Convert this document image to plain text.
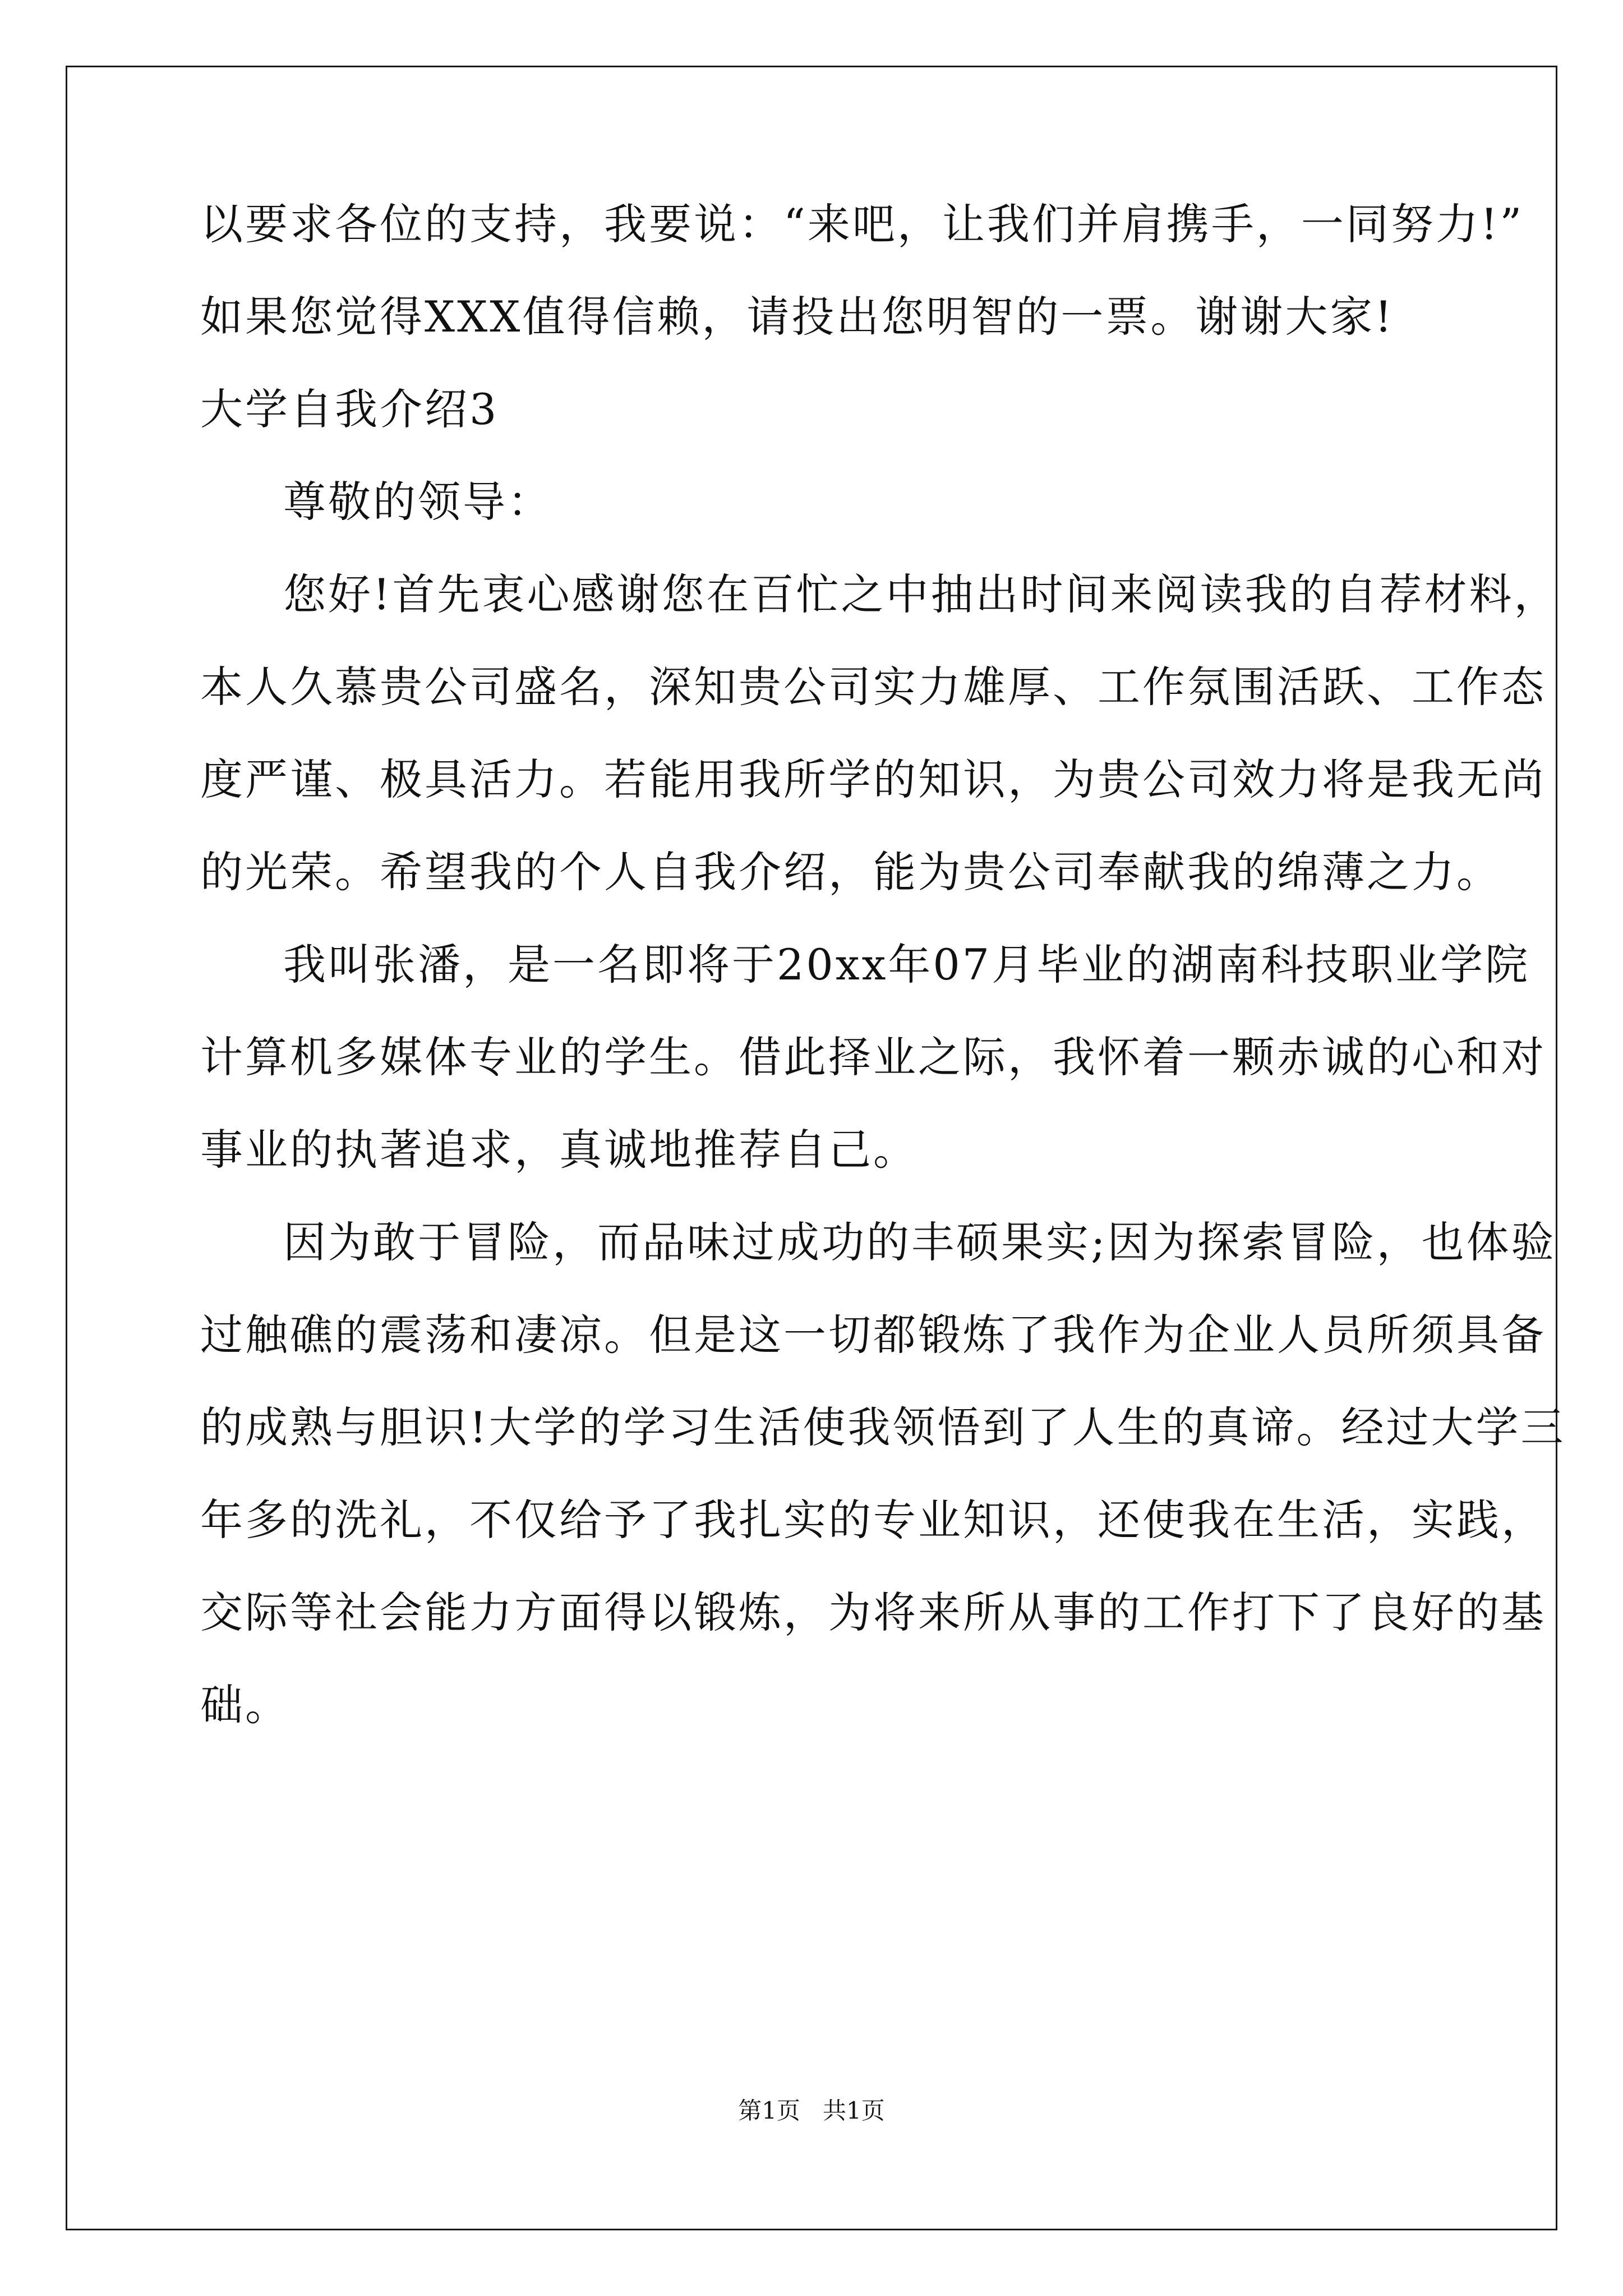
以要求各位的支持，我要说：“来吧，让我们并肩携手，一同努力!”
如果您觉得XXX值得信赖，请投出您明智的一票。谢谢大家!
大学自我介绍3
尊敬的领导：
您好!首先衷心感谢您在百忙之中抽出时间来阅读我的自荐材料，
本人久慕贵公司盛名，深知贵公司实力雄厚、工作氛围活跃、工作态
度严谨、极具活力。若能用我所学的知识，为贵公司效力将是我无尚
的光荣。希望我的个人自我介绍，能为贵公司奉献我的绵薄之力。
我叫张潘，是一名即将于20xx年07月毕业的湖南科技职业学院
计算机多媒体专业的学生。借此择业之际，我怀着一颗赤诚的心和对
事业的执著追求，真诚地推荐自己。
因为敢于冒险，而品味过成功的丰硕果实;因为探索冒险，也体验
过触礁的震荡和凄凉。但是这一切都锻炼了我作为企业人员所须具备
的成熟与胆识!大学的学习生活使我领悟到了人生的真谛。经过大学三
年多的洗礼，不仅给予了我扎实的专业知识，还使我在生活，实践，
交际等社会能力方面得以锻炼，为将来所从事的工作打下了良好的基
础。
第1页   共1页
